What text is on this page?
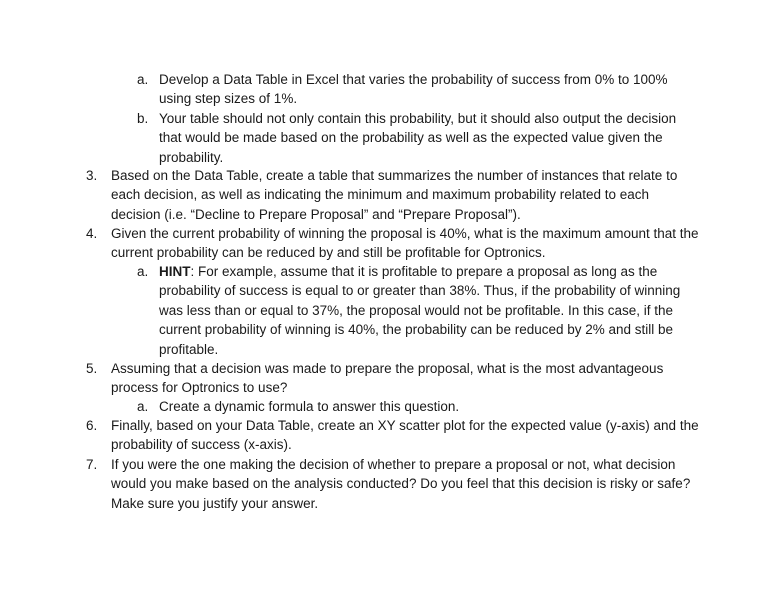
a. Develop a Data Table in Excel that varies the probability of success from 0% to 100% using step sizes of 1%.
b. Your table should not only contain this probability, but it should also output the decision that would be made based on the probability as well as the expected value given the probability.
3. Based on the Data Table, create a table that summarizes the number of instances that relate to each decision, as well as indicating the minimum and maximum probability related to each decision (i.e. “Decline to Prepare Proposal” and “Prepare Proposal”).
4. Given the current probability of winning the proposal is 40%, what is the maximum amount that the current probability can be reduced by and still be profitable for Optronics.
a. HINT: For example, assume that it is profitable to prepare a proposal as long as the probability of success is equal to or greater than 38%. Thus, if the probability of winning was less than or equal to 37%, the proposal would not be profitable. In this case, if the current probability of winning is 40%, the probability can be reduced by 2% and still be profitable.
5. Assuming that a decision was made to prepare the proposal, what is the most advantageous process for Optronics to use?
a. Create a dynamic formula to answer this question.
6. Finally, based on your Data Table, create an XY scatter plot for the expected value (y-axis) and the probability of success (x-axis).
7. If you were the one making the decision of whether to prepare a proposal or not, what decision would you make based on the analysis conducted? Do you feel that this decision is risky or safe? Make sure you justify your answer.
